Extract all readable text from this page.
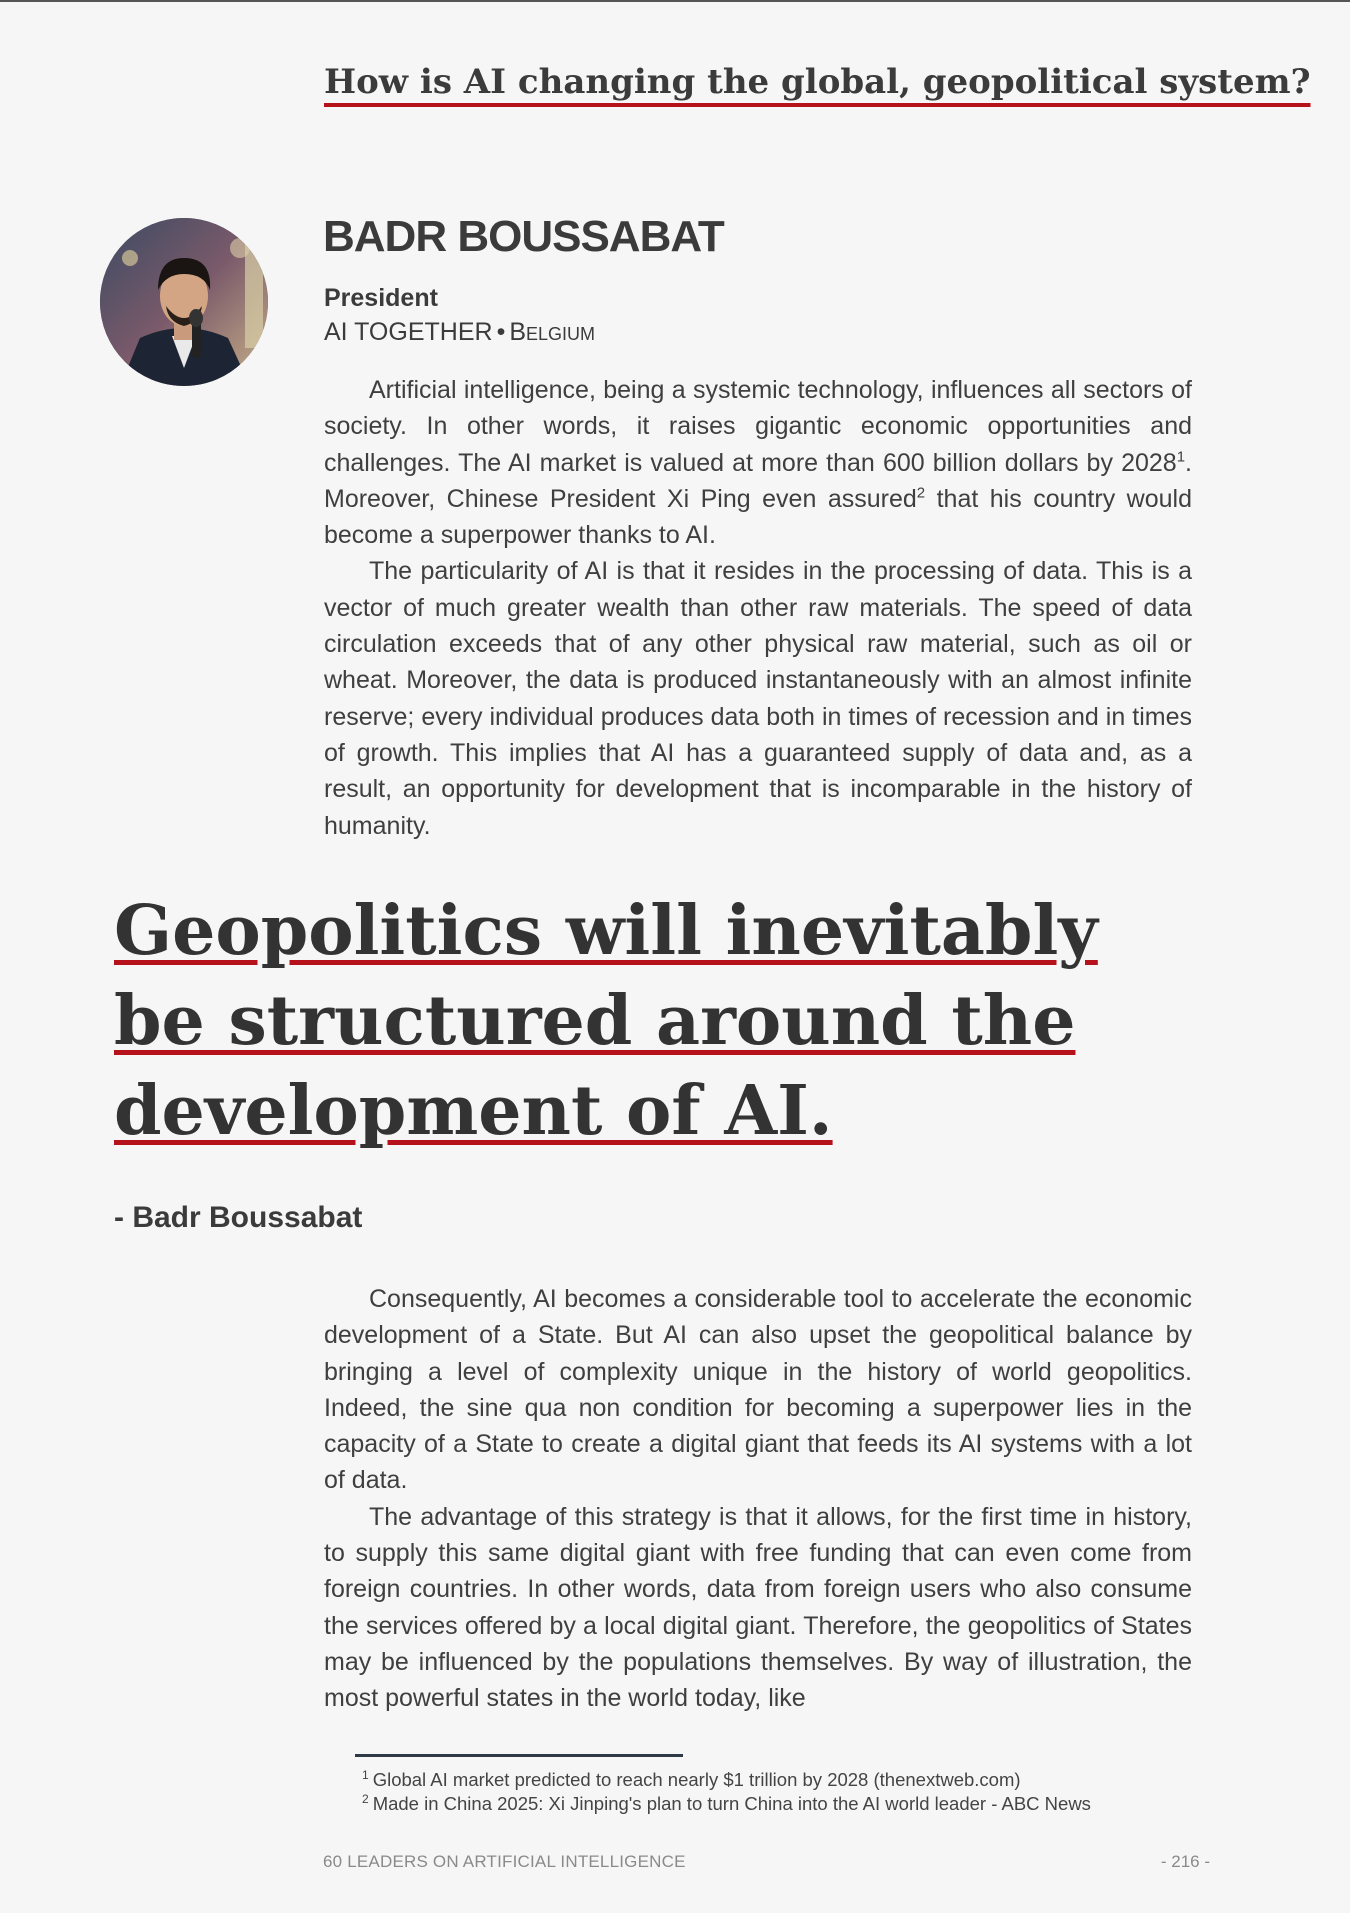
How is AI changing the global, geopolitical system?
BADR BOUSSABAT
President
AI TOGETHER • Belgium

Artificial intelligence, being a systemic technology, influences all sectors of society. In other words, it raises gigantic economic opportunities and challenges. The AI market is valued at more than 600 billion dollars by 2028$^1$. Moreover, Chinese President Xi Ping even assured$^2$ that his country would become a superpower thanks to AI.

The particularity of AI is that it resides in the processing of data. This is a vector of much greater wealth than other raw materials. The speed of data circulation exceeds that of any other physical raw material, such as oil or wheat. Moreover, the data is produced instantaneously with an almost infinite reserve; every individual produces data both in times of recession and in times of growth. This implies that AI has a guaranteed supply of data and, as a result, an opportunity for development that is incomparable in the history of humanity.

Geopolitics will inevitably be structured around the development of AI.
- Badr Boussabat

Consequently, AI becomes a considerable tool to accelerate the economic development of a State. But AI can also upset the geopolitical balance by bringing a level of complexity unique in the history of world geopolitics. Indeed, the sine qua non condition for becoming a superpower lies in the capacity of a State to create a digital giant that feeds its AI systems with a lot of data.

The advantage of this strategy is that it allows, for the first time in history, to supply this same digital giant with free funding that can even come from foreign countries. In other words, data from foreign users who also consume the services offered by a local digital giant. Therefore, the geopolitics of States may be influenced by the populations themselves. By way of illustration, the most powerful states in the world today, like

$^1$ Global AI market predicted to reach nearly $1 trillion by 2028 (thenextweb.com)
$^2$ Made in China 2025: Xi Jinping's plan to turn China into the AI world leader - ABC News
60 LEADERS ON ARTIFICIAL INTELLIGENCE	- 216 -
